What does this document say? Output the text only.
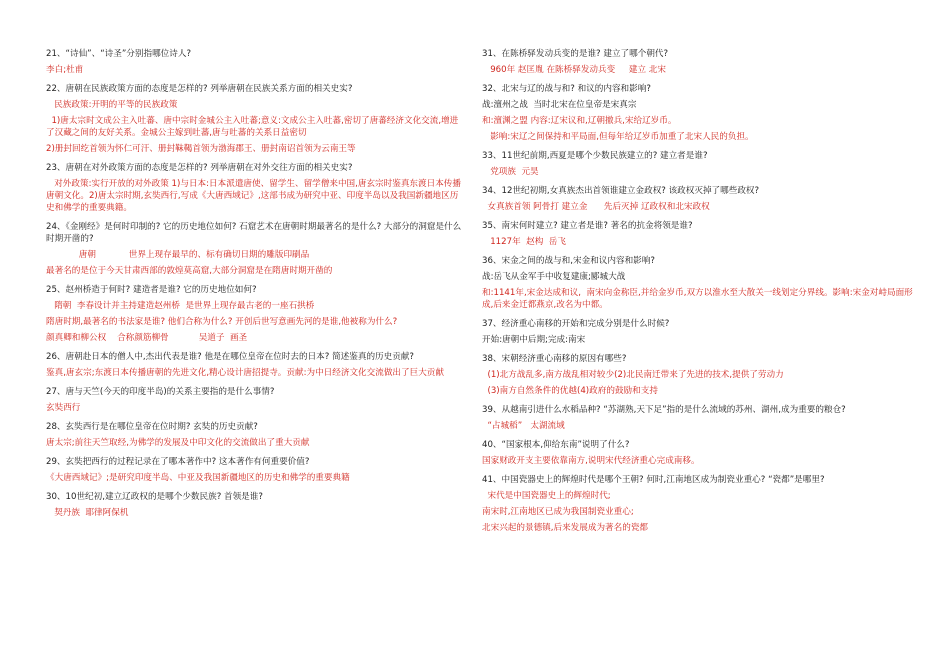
21、“诗仙”、“诗圣”分别指哪位诗人?
李白;杜甫
22、唐朝在民族政策方面的态度是怎样的? 列举唐朝在民族关系方面的相关史实?
民族政策:开明的平等的民族政策
1)唐太宗时文成公主入吐蕃、唐中宗时金城公主入吐蕃;意义:文成公主入吐蕃,密切了唐蕃经济文化交流,增进了汉藏之间的友好关系。金城公主嫁到吐蕃,唐与吐蕃的关系日益密切
2)册封回纥首领为怀仁可汗、册封靺鞨首领为渤海郡王、册封南诏首领为云南王等
23、唐朝在对外政策方面的态度是怎样的? 列举唐朝在对外交往方面的相关史实?
对外政策:实行开放的对外政策 1)与日本:日本派遣唐使、留学生、留学僧来中国,唐玄宗时鉴真东渡日本传播唐朝文化。2)唐太宗时期,玄奘西行,写成《大唐西域记》,这部书成为研究中亚、印度半岛以及我国新疆地区历史和佛学的重要典籍。
24、《金刚经》是何时印制的? 它的历史地位如何? 石窟艺术在唐朝时期最著名的是什么? 大部分的洞窟是什么时期开凿的?
唐朝            世界上现存最早的、标有确切日期的雕版印刷品
最著名的是位于今天甘肃西部的敦煌莫高窟,大部分洞窟是在隋唐时期开凿的
25、赵州桥造于何时? 建造者是谁? 它的历史地位如何?
隋朝  李春设计并主持建造赵州桥  是世界上现存最古老的一座石拱桥
隋唐时期,最著名的书法家是谁? 他们合称为什么? 开创后世写意画先河的是谁,他被称为什么?
颜真卿和柳公权    合称颜筋柳骨           吴道子  画圣
26、唐朝赴日本的僧人中,杰出代表是谁? 他是在哪位皇帝在位时去的日本? 简述鉴真的历史贡献?
鉴真,唐玄宗;东渡日本传播唐朝的先进文化,精心设计唐招提寺。贡献:为中日经济文化交流做出了巨大贡献
27、唐与天竺(今天的印度半岛)的关系主要指的是什么事情?
玄奘西行
28、玄奘西行是在哪位皇帝在位时期? 玄奘的历史贡献?
唐太宗;前往天竺取经,为佛学的发展及中印文化的交流做出了重大贡献
29、玄奘把西行的过程记录在了哪本著作中? 这本著作有何重要价值?
《大唐西域记》;是研究印度半岛、中亚及我国新疆地区的历史和佛学的重要典籍
30、10世纪初,建立辽政权的是哪个少数民族? 首领是谁?
契丹族  耶律阿保机
31、在陈桥驿发动兵变的是谁? 建立了哪个朝代?
960年 赵匡胤 在陈桥驿发动兵变     建立 北宋
32、北宋与辽的战与和? 和议的内容和影响?
战:澶州之战  当时北宋在位皇帝是宋真宗
和:澶渊之盟 内容:辽宋议和,辽朝撤兵,宋给辽岁币。
影响:宋辽之间保持和平局面,但每年给辽岁币加重了北宋人民的负担。
33、11世纪前期,西夏是哪个少数民族建立的? 建立者是谁?
党项族  元昊
34、12世纪初期,女真族杰出首领谁建立金政权? 该政权灭掉了哪些政权?
女真族首领 阿骨打 建立金      先后灭掉 辽政权和北宋政权
35、南宋何时建立? 建立者是谁? 著名的抗金将领是谁?
1127年  赵构  岳飞
36、宋金之间的战与和,宋金和议内容和影响?
战:岳飞从金军手中收复建康;郾城大战
和:1141年,宋金达成和议,  南宋向金称臣,并给金岁币,双方以淮水至大散关一线划定分界线。影响:宋金对峙局面形成,后来金迁都燕京,改名为中都。
37、经济重心南移的开始和完成分别是什么时候?
开始:唐朝中后期;完成:南宋
38、宋朝经济重心南移的原因有哪些?
(1)北方战乱多,南方战乱相对较少(2)北民南迁带来了先进的技术,提供了劳动力
(3)南方自然条件的优越(4)政府的鼓励和支持
39、从越南引进什么水稻品种? “苏湖熟,天下足”指的是什么流域的苏州、湖州,成为重要的粮仓?
“占城稻”   太湖流域
40、“国家根本,仰给东南”说明了什么?
国家财政开支主要依靠南方,说明宋代经济重心完成南移。
41、中国瓷器史上的辉煌时代是哪个王朝? 何时,江南地区成为制瓷业重心? “瓷都”是哪里?
宋代是中国瓷器史上的辉煌时代;
南宋时,江南地区已成为我国制瓷业重心;
北宋兴起的景德镇,后来发展成为著名的瓷都
